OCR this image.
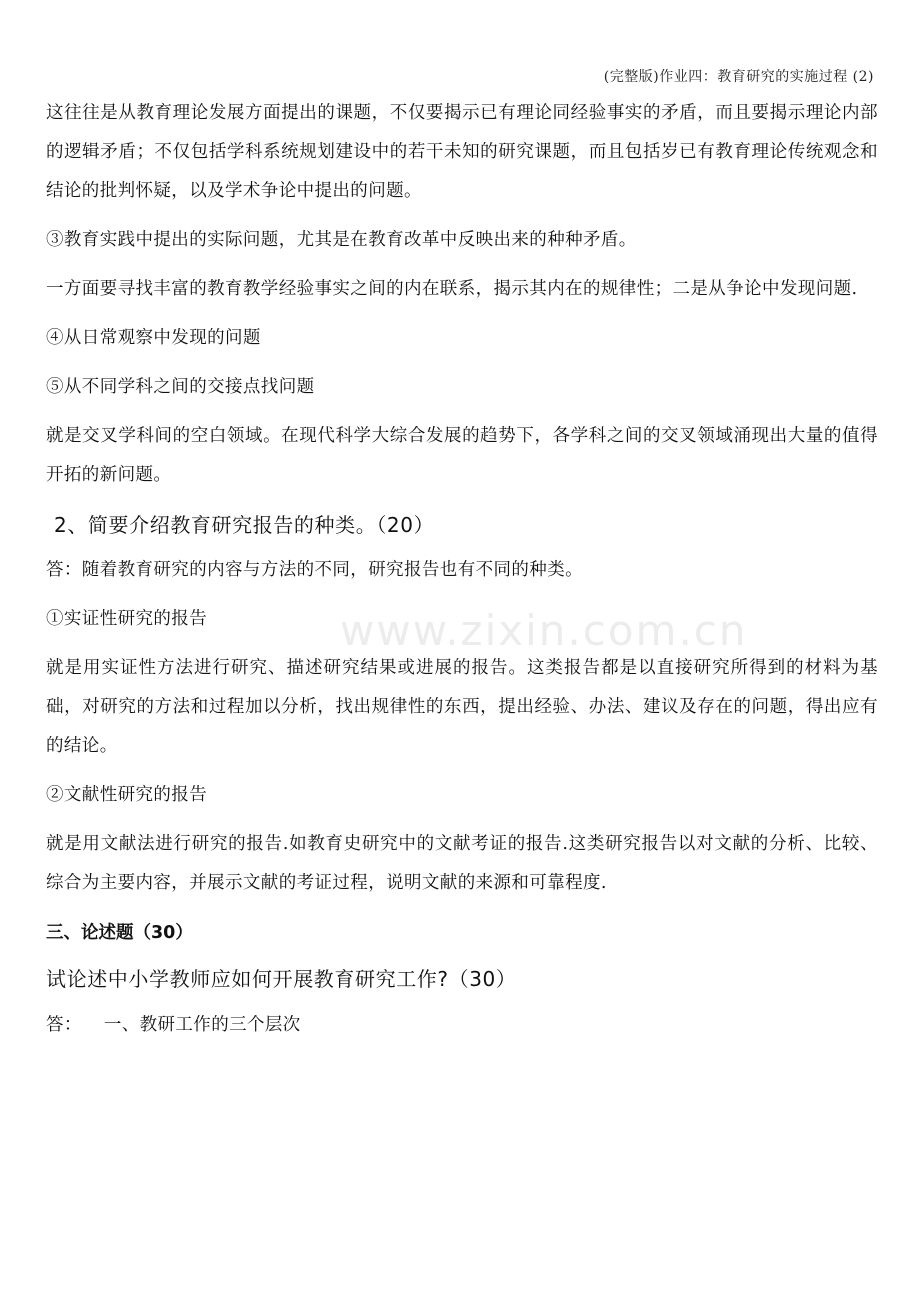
(完整版)作业四：教育研究的实施过程 (2)
www.zixin.com.cn

这往往是从教育理论发展方面提出的课题，不仅要揭示已有理论同经验事实的矛盾，而且要揭示理论内部的逻辑矛盾；不仅包括学科系统规划建设中的若干未知的研究课题，而且包括岁已有教育理论传统观念和结论的批判怀疑，以及学术争论中提出的问题。

③教育实践中提出的实际问题，尤其是在教育改革中反映出来的种种矛盾。

一方面要寻找丰富的教育教学经验事实之间的内在联系，揭示其内在的规律性；二是从争论中发现问题.

④从日常观察中发现的问题

⑤从不同学科之间的交接点找问题

就是交叉学科间的空白领域。在现代科学大综合发展的趋势下，各学科之间的交叉领域涌现出大量的值得开拓的新问题。

2、简要介绍教育研究报告的种类。（20）

答：随着教育研究的内容与方法的不同，研究报告也有不同的种类。

①实证性研究的报告

就是用实证性方法进行研究、描述研究结果或进展的报告。这类报告都是以直接研究所得到的材料为基础，对研究的方法和过程加以分析，找出规律性的东西，提出经验、办法、建议及存在的问题，得出应有的结论。

②文献性研究的报告

就是用文献法进行研究的报告.如教育史研究中的文献考证的报告.这类研究报告以对文献的分析、比较、综合为主要内容，并展示文献的考证过程，说明文献的来源和可靠程度.

三、论述题（30）
试论述中小学教师应如何开展教育研究工作?（30）
答： 一、教研工作的三个层次
